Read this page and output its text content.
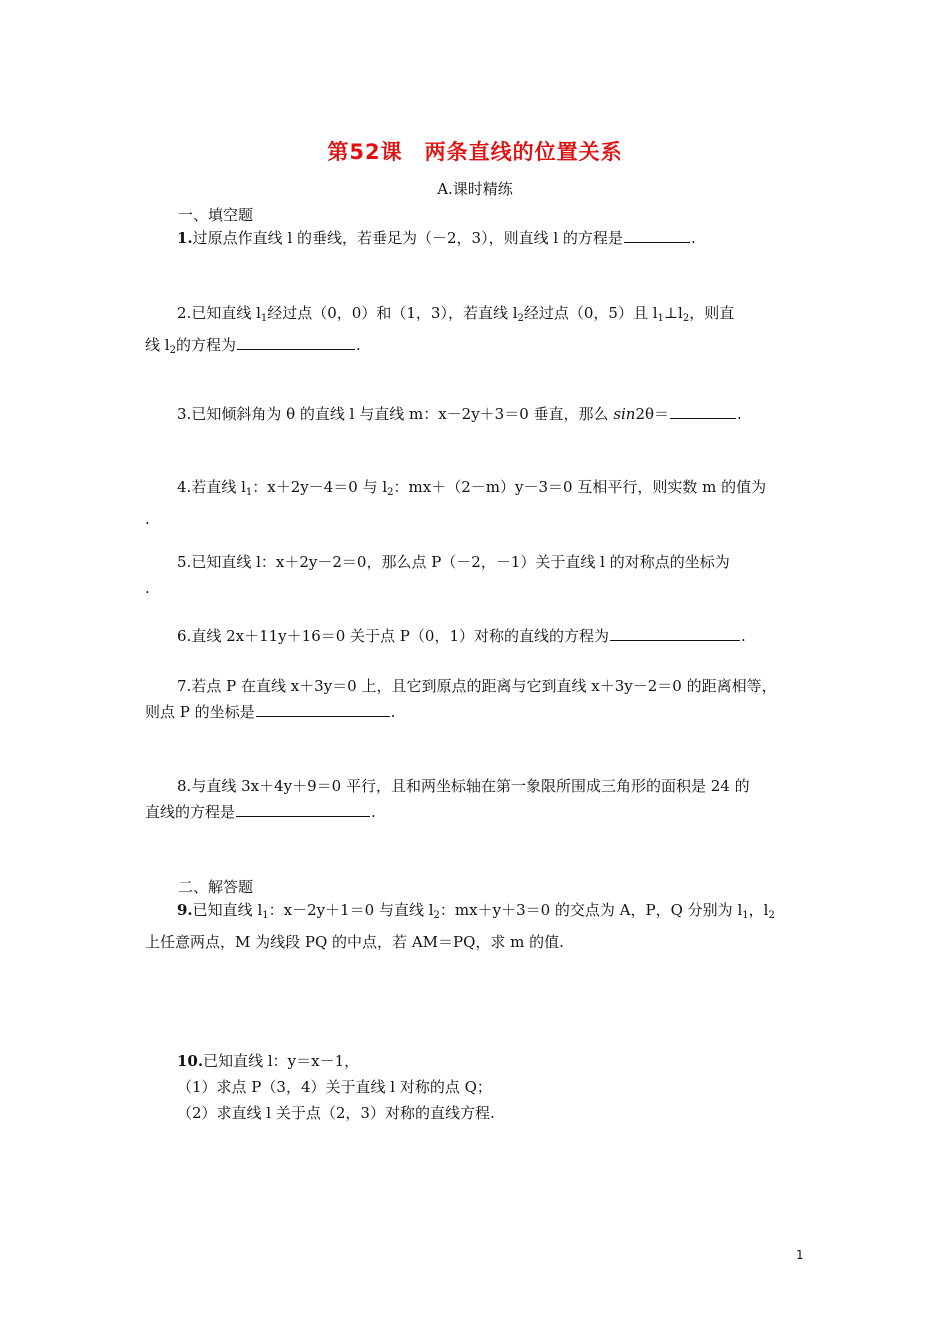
第52课　两条直线的位置关系
A.课时精练
一、填空题
1.过原点作直线 l 的垂线，若垂足为（－2，3），则直线 l 的方程是	.
2.已知直线 $l_1$经过点（0，0）和（1，3），若直线 $l_2$经过点（0，5）且 $l_1\perp l_2$，则直
线 $l_2$的方程为	.
3.已知倾斜角为 θ 的直线 l 与直线 m：x－2y＋3＝0 垂直，那么 sin2θ＝	.
4.若直线 $l_1$：x＋2y－4＝0 与 $l_2$：mx＋（2－m）y－3＝0 互相平行，则实数 m 的值为
.
5.已知直线 l：x＋2y－2＝0，那么点 P（－2，－1）关于直线 l 的对称点的坐标为
.
6.直线 2x＋11y＋16＝0 关于点 P（0，1）对称的直线的方程为	.
7.若点 P 在直线 x＋3y＝0 上，且它到原点的距离与它到直线 x＋3y－2＝0 的距离相等，
则点 P 的坐标是	.
8.与直线 3x＋4y＋9＝0 平行，且和两坐标轴在第一象限所围成三角形的面积是 24 的
直线的方程是	.
二、解答题
9.已知直线 $l_1$：x－2y＋1＝0 与直线 $l_2$：mx＋y＋3＝0 的交点为 A，P，Q 分别为 $l_1$，$l_2$
上任意两点，M 为线段 PQ 的中点，若 AM＝PQ，求 m 的值.
10.已知直线 l：y＝x－1，
（1）求点 P（3，4）关于直线 l 对称的点 Q；
（2）求直线 l 关于点（2，3）对称的直线方程.
1
